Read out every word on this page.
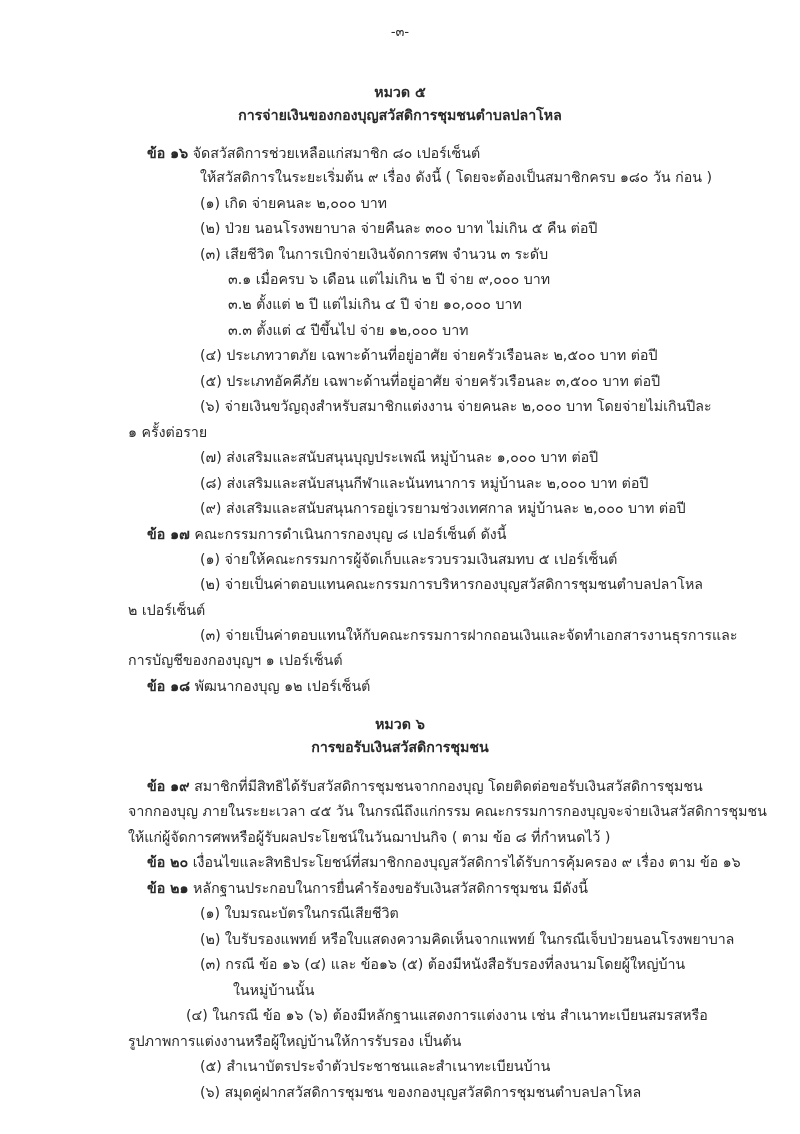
-๓-
หมวด ๕
การจ่ายเงินของกองบุญสวัสดิการชุมชนตำบลปลาโหล
ข้อ ๑๖ จัดสวัสดิการช่วยเหลือแก่สมาชิก ๘๐ เปอร์เซ็นต์
ให้สวัสดิการในระยะเริ่มต้น ๙ เรื่อง ดังนี้ ( โดยจะต้องเป็นสมาชิกครบ ๑๘๐ วัน ก่อน )
(๑) เกิด จ่ายคนละ ๒,๐๐๐ บาท
(๒) ป่วย นอนโรงพยาบาล จ่ายคืนละ ๓๐๐ บาท ไม่เกิน ๕ คืน ต่อปี
(๓) เสียชีวิต ในการเบิกจ่ายเงินจัดการศพ จำนวน ๓ ระดับ
๓.๑ เมื่อครบ ๖ เดือน แต่ไม่เกิน ๒ ปี จ่าย ๙,๐๐๐ บาท
๓.๒ ตั้งแต่ ๒ ปี แต่ไม่เกิน ๔ ปี จ่าย ๑๐,๐๐๐ บาท
๓.๓ ตั้งแต่ ๔ ปีขึ้นไป จ่าย ๑๒,๐๐๐ บาท
(๔) ประเภทวาตภัย เฉพาะด้านที่อยู่อาศัย จ่ายครัวเรือนละ ๒,๕๐๐ บาท ต่อปี
(๕) ประเภทอัคคีภัย เฉพาะด้านที่อยู่อาศัย จ่ายครัวเรือนละ ๓,๕๐๐ บาท ต่อปี
(๖) จ่ายเงินขวัญถุงสำหรับสมาชิกแต่งงาน จ่ายคนละ ๒,๐๐๐ บาท โดยจ่ายไม่เกินปีละ
๑ ครั้งต่อราย
(๗) ส่งเสริมและสนับสนุนบุญประเพณี หมู่บ้านละ ๑,๐๐๐ บาท ต่อปี
(๘) ส่งเสริมและสนับสนุนกีฬาและนันทนาการ หมู่บ้านละ ๒,๐๐๐ บาท ต่อปี
(๙) ส่งเสริมและสนับสนุนการอยู่เวรยามช่วงเทศกาล หมู่บ้านละ ๒,๐๐๐ บาท ต่อปี
ข้อ ๑๗ คณะกรรมการดำเนินการกองบุญ ๘ เปอร์เซ็นต์ ดังนี้
(๑) จ่ายให้คณะกรรมการผู้จัดเก็บและรวบรวมเงินสมทบ ๕ เปอร์เซ็นต์
(๒) จ่ายเป็นค่าตอบแทนคณะกรรมการบริหารกองบุญสวัสดิการชุมชนตำบลปลาโหล
๒ เปอร์เซ็นต์
(๓) จ่ายเป็นค่าตอบแทนให้กับคณะกรรมการฝากถอนเงินและจัดทำเอกสารงานธุรการและ
การบัญชีของกองบุญฯ ๑ เปอร์เซ็นต์
ข้อ ๑๘ พัฒนากองบุญ ๑๒ เปอร์เซ็นต์
หมวด ๖
การขอรับเงินสวัสดิการชุมชน
ข้อ ๑๙ สมาชิกที่มีสิทธิได้รับสวัสดิการชุมชนจากกองบุญ โดยติดต่อขอรับเงินสวัสดิการชุมชน
จากกองบุญ ภายในระยะเวลา ๔๕ วัน ในกรณีถึงแก่กรรม คณะกรรมการกองบุญจะจ่ายเงินสวัสดิการชุมชน
ให้แก่ผู้จัดการศพหรือผู้รับผลประโยชน์ในวันฌาปนกิจ ( ตาม ข้อ ๘ ที่กำหนดไว้ )
ข้อ ๒๐ เงื่อนไขและสิทธิประโยชน์ที่สมาชิกกองบุญสวัสดิการได้รับการคุ้มครอง ๙ เรื่อง ตาม ข้อ ๑๖
ข้อ ๒๑ หลักฐานประกอบในการยื่นคำร้องขอรับเงินสวัสดิการชุมชน มีดังนี้
(๑) ใบมรณะบัตรในกรณีเสียชีวิต
(๒) ใบรับรองแพทย์ หรือใบแสดงความคิดเห็นจากแพทย์ ในกรณีเจ็บป่วยนอนโรงพยาบาล
(๓) กรณี ข้อ ๑๖ (๔) และ ข้อ๑๖ (๕) ต้องมีหนังสือรับรองที่ลงนามโดยผู้ใหญ่บ้าน
ในหมู่บ้านนั้น
(๔) ในกรณี ข้อ ๑๖ (๖) ต้องมีหลักฐานแสดงการแต่งงาน เช่น สำเนาทะเบียนสมรสหรือ
รูปภาพการแต่งงานหรือผู้ใหญ่บ้านให้การรับรอง เป็นต้น
(๕) สำเนาบัตรประจำตัวประชาชนและสำเนาทะเบียนบ้าน
(๖) สมุดคู่ฝากสวัสดิการชุมชน ของกองบุญสวัสดิการชุมชนตำบลปลาโหล
